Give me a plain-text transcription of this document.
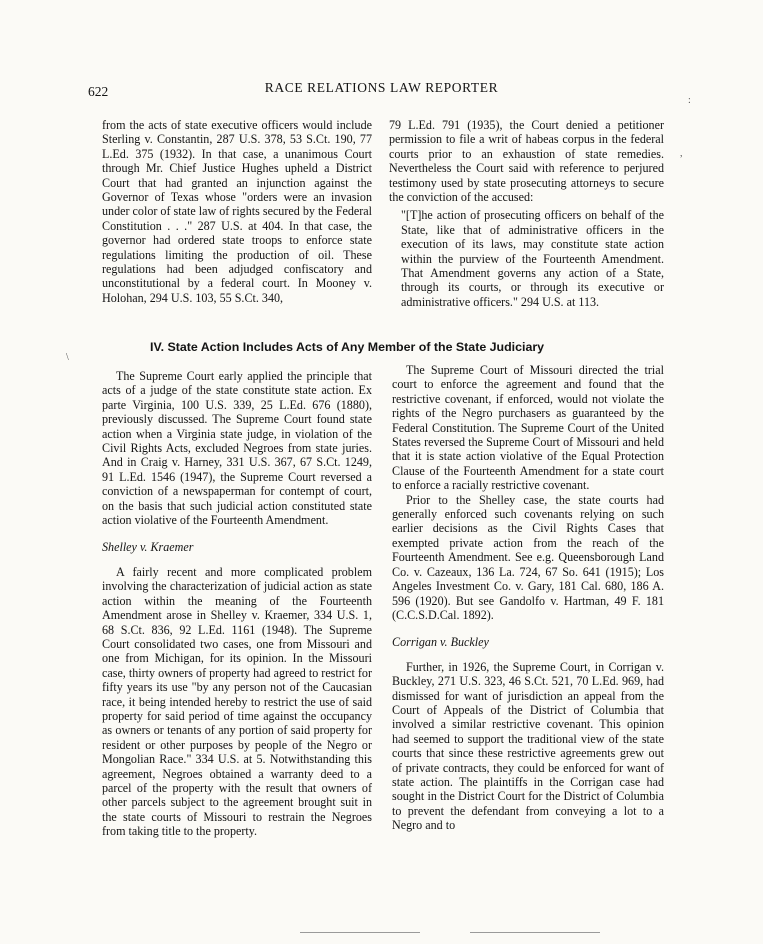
622	RACE RELATIONS LAW REPORTER

from the acts of state executive officers would include Sterling v. Constantin, 287 U.S. 378, 53 S.Ct. 190, 77 L.Ed. 375 (1932). In that case, a unanimous Court through Mr. Chief Justice Hughes upheld a District Court that had granted an injunction against the Governor of Texas whose "orders were an invasion under color of state law of rights secured by the Federal Constitution . . ." 287 U.S. at 404. In that case, the governor had ordered state troops to enforce state regulations limiting the production of oil. These regulations had been adjudged confiscatory and unconstitutional by a federal court. In Mooney v. Holohan, 294 U.S. 103, 55 S.Ct. 340,

79 L.Ed. 791 (1935), the Court denied a petitioner permission to file a writ of habeas corpus in the federal courts prior to an exhaustion of state remedies. Nevertheless the Court said with reference to perjured testimony used by state prosecuting attorneys to secure the conviction of the accused:

"[T]he action of prosecuting officers on behalf of the State, like that of administrative officers in the execution of its laws, may constitute state action within the purview of the Fourteenth Amendment. That Amendment governs any action of a State, through its courts, or through its executive or administrative officers." 294 U.S. at 113.

IV. State Action Includes Acts of Any Member of the State Judiciary

The Supreme Court early applied the principle that acts of a judge of the state constitute state action. Ex parte Virginia, 100 U.S. 339, 25 L.Ed. 676 (1880), previously discussed. The Supreme Court found state action when a Virginia state judge, in violation of the Civil Rights Acts, excluded Negroes from state juries. And in Craig v. Harney, 331 U.S. 367, 67 S.Ct. 1249, 91 L.Ed. 1546 (1947), the Supreme Court reversed a conviction of a newspaperman for contempt of court, on the basis that such judicial action constituted state action violative of the Fourteenth Amendment.

Shelley v. Kraemer

A fairly recent and more complicated problem involving the characterization of judicial action as state action within the meaning of the Fourteenth Amendment arose in Shelley v. Kraemer, 334 U.S. 1, 68 S.Ct. 836, 92 L.Ed. 1161 (1948). The Supreme Court consolidated two cases, one from Missouri and one from Michigan, for its opinion. In the Missouri case, thirty owners of property had agreed to restrict for fifty years its use "by any person not of the Caucasian race, it being intended hereby to restrict the use of said property for said period of time against the occupancy as owners or tenants of any portion of said property for resident or other purposes by people of the Negro or Mongolian Race." 334 U.S. at 5. Notwithstanding this agreement, Negroes obtained a warranty deed to a parcel of the property with the result that owners of other parcels subject to the agreement brought suit in the state courts of Missouri to restrain the Negroes from taking title to the property.

The Supreme Court of Missouri directed the trial court to enforce the agreement and found that the restrictive covenant, if enforced, would not violate the rights of the Negro purchasers as guaranteed by the Federal Constitution. The Supreme Court of the United States reversed the Supreme Court of Missouri and held that it is state action violative of the Equal Protection Clause of the Fourteenth Amendment for a state court to enforce a racially restrictive covenant.

Prior to the Shelley case, the state courts had generally enforced such covenants relying on such earlier decisions as the Civil Rights Cases that exempted private action from the reach of the Fourteenth Amendment. See e.g. Queensborough Land Co. v. Cazeaux, 136 La. 724, 67 So. 641 (1915); Los Angeles Investment Co. v. Gary, 181 Cal. 680, 186 A. 596 (1920). But see Gandolfo v. Hartman, 49 F. 181 (C.C.S.D.Cal. 1892).

Corrigan v. Buckley

Further, in 1926, the Supreme Court, in Corrigan v. Buckley, 271 U.S. 323, 46 S.Ct. 521, 70 L.Ed. 969, had dismissed for want of jurisdiction an appeal from the Court of Appeals of the District of Columbia that involved a similar restrictive covenant. This opinion had seemed to support the traditional view of the state courts that since these restrictive agreements grew out of private contracts, they could be enforced for want of state action. The plaintiffs in the Corrigan case had sought in the District Court for the District of Columbia to prevent the defendant from conveying a lot to a Negro and to

:
,
\
